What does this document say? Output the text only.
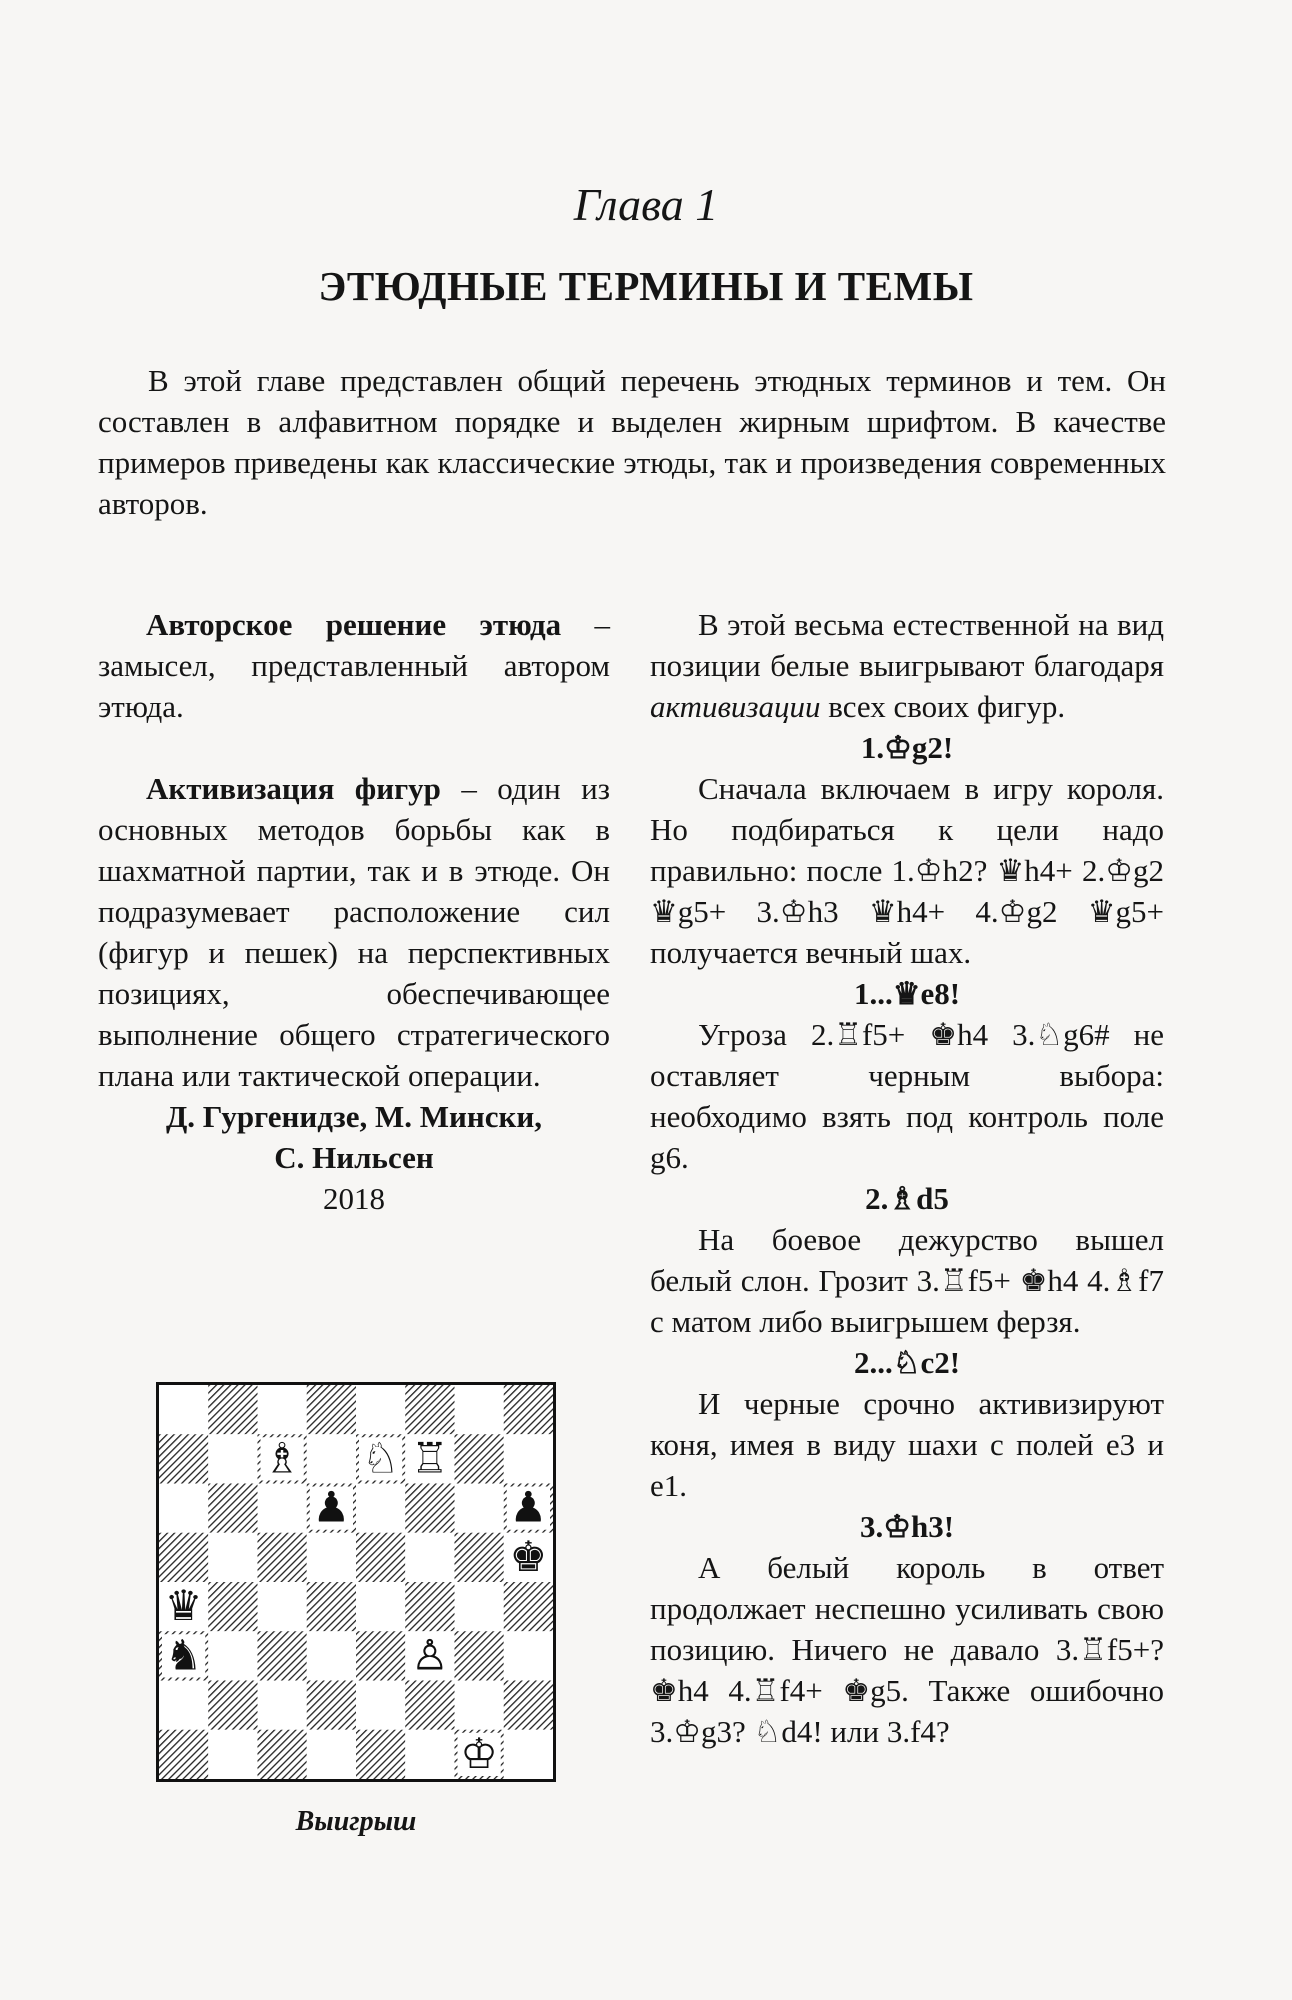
Глава 1
ЭТЮДНЫЕ ТЕРМИНЫ И ТЕМЫ

В этой главе представлен общий перечень этюдных терминов и тем. Он составлен в алфавитном порядке и выделен жирным шрифтом. В качестве примеров приведены как классические этюды, так и произведения современных авторов.

Авторское решение этюда – замысел, представленный автором этюда.

Активизация фигур – один из основных методов борьбы как в шахматной партии, так и в этюде. Он подразумевает расположение сил (фигур и пешек) на перспективных позициях, обеспечивающее выполнение общего стратегического плана или тактической операции.

Д. Гургенидзе, М. Мински,

С. Нильсен

2018

♗ ♘ ♖
♟	♟
♚
♛
♞	♙
♔
Выигрыш

В этой весьма естественной на вид позиции белые выигрывают благодаря активизации всех своих фигур.

1.♔g2!

Сначала включаем в игру короля. Но подбираться к цели надо правильно: после 1.♔h2? ♛h4+ 2.♔g2 ♛g5+ 3.♔h3 ♛h4+ 4.♔g2 ♛g5+ получается вечный шах.

1...♛e8!

Угроза 2.♖f5+ ♚h4 3.♘g6# не оставляет черным выбора: необходимо взять под контроль поле g6.

2.♗d5

На боевое дежурство вышел белый слон. Грозит 3.♖f5+ ♚h4 4.♗f7 с матом либо выигрышем ферзя.

2...♘c2!

И черные срочно активизируют коня, имея в виду шахи с полей e3 и e1.

3.♔h3!

А белый король в ответ продолжает неспешно усиливать свою позицию. Ничего не давало 3.♖f5+? ♚h4 4.♖f4+ ♚g5. Также ошибочно 3.♔g3? ♘d4! или 3.f4?
